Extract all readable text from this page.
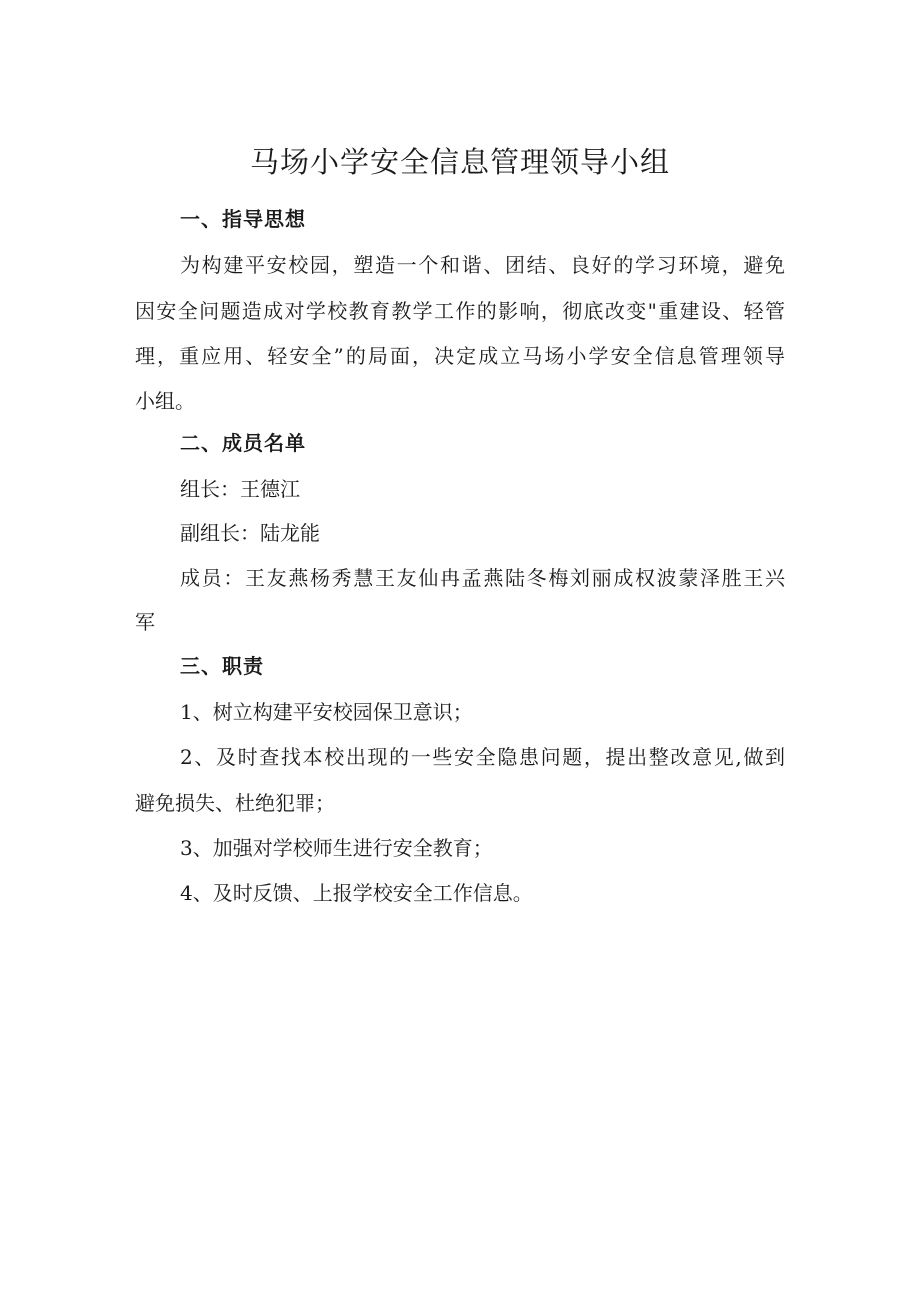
马场小学安全信息管理领导小组
一、指导思想
为构建平安校园，塑造一个和谐、团结、良好的学习环境，避免
因安全问题造成对学校教育教学工作的影响，彻底改变"重建设、轻管
理，重应用、轻安全”的局面，决定成立马场小学安全信息管理领导
小组。
二、成员名单
组长：王德江
副组长：陆龙能
成员：王友燕杨秀慧王友仙冉孟燕陆冬梅刘丽成权波蒙泽胜王兴
军
三、职责
1、树立构建平安校园保卫意识；
2、及时查找本校出现的一些安全隐患问题，提出整改意见,做到
避免损失、杜绝犯罪；
3、加强对学校师生进行安全教育；
4、及时反馈、上报学校安全工作信息。
